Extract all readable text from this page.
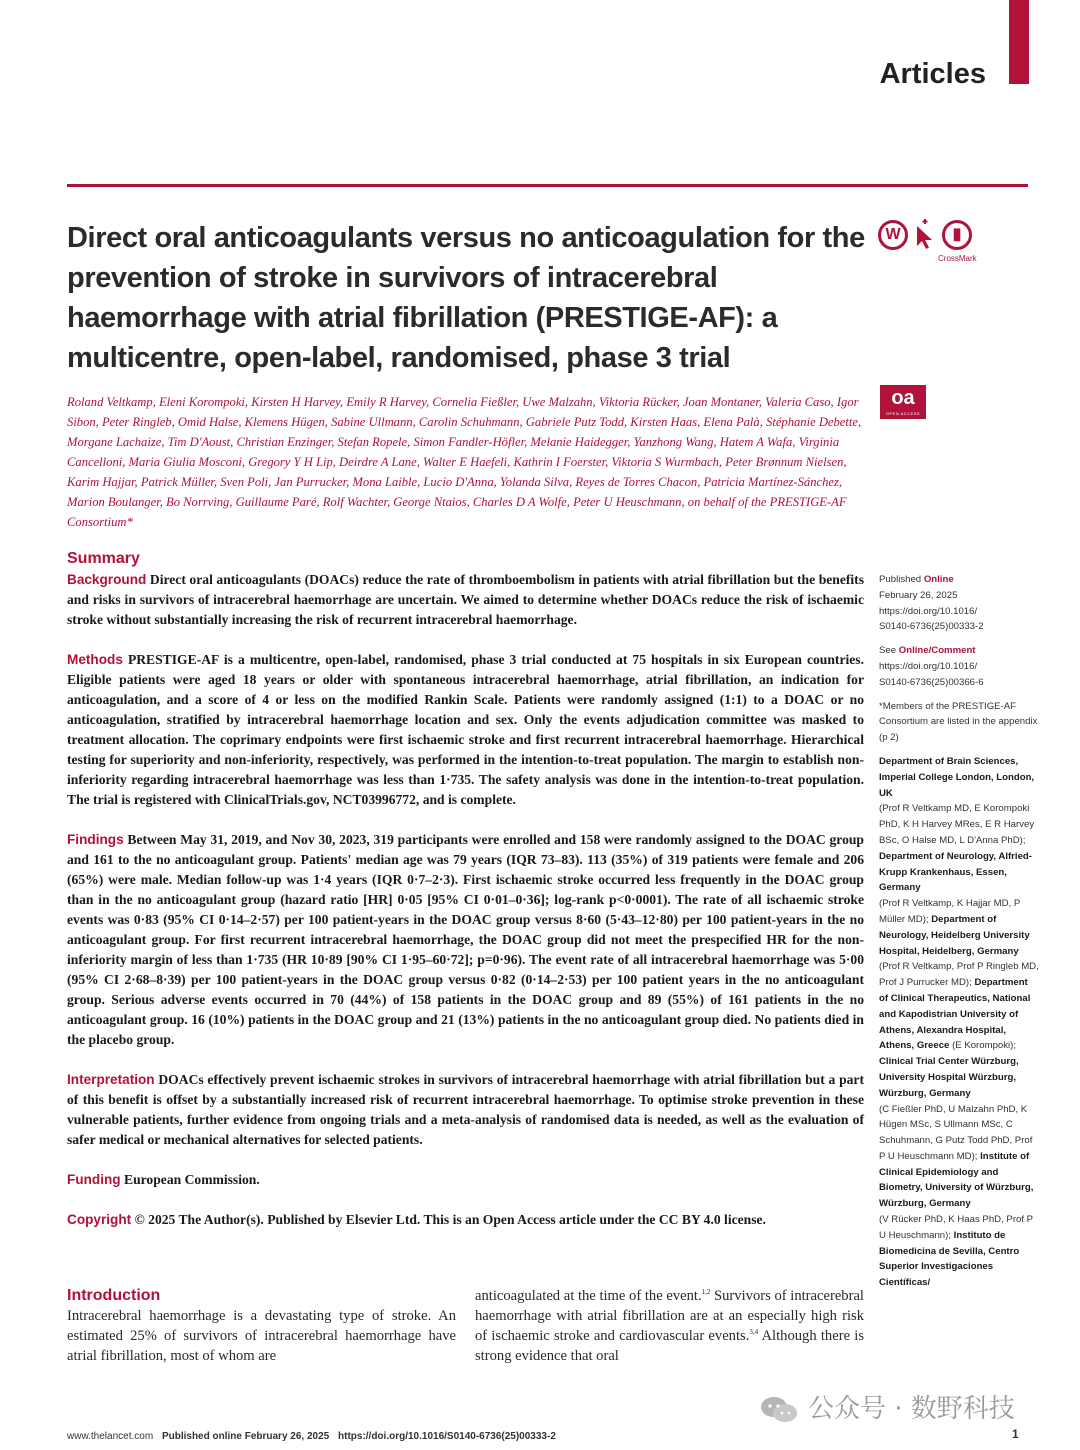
Articles
Direct oral anticoagulants versus no anticoagulation for the prevention of stroke in survivors of intracerebral haemorrhage with atrial fibrillation (PRESTIGE-AF): a multicentre, open-label, randomised, phase 3 trial
W	▮
CrossMark
oa
OPEN ACCESS

Roland Veltkamp, Eleni Korompoki, Kirsten H Harvey, Emily R Harvey, Cornelia Fießler, Uwe Malzahn, Viktoria Rücker, Joan Montaner, Valeria Caso, Igor Sibon, Peter Ringleb, Omid Halse, Klemens Hügen, Sabine Ullmann, Carolin Schuhmann, Gabriele Putz Todd, Kirsten Haas, Elena Palà, Stéphanie Debette, Morgane Lachaize, Tim D'Aoust, Christian Enzinger, Stefan Ropele, Simon Fandler-Höfler, Melanie Haidegger, Yanzhong Wang, Hatem A Wafa, Virginia Cancelloni, Maria Giulia Mosconi, Gregory Y H Lip, Deirdre A Lane, Walter E Haefeli, Kathrin I Foerster, Viktoria S Wurmbach, Peter Brønnum Nielsen, Karim Hajjar, Patrick Müller, Sven Poli, Jan Purrucker, Mona Laible, Lucio D'Anna, Yolanda Silva, Reyes de Torres Chacon, Patricia Martínez-Sánchez, Marion Boulanger, Bo Norrving, Guillaume Paré, Rolf Wachter, George Ntaios, Charles D A Wolfe, Peter U Heuschmann, on behalf of the PRESTIGE-AF Consortium*

Summary

Background Direct oral anticoagulants (DOACs) reduce the rate of thromboembolism in patients with atrial fibrillation but the benefits and risks in survivors of intracerebral haemorrhage are uncertain. We aimed to determine whether DOACs reduce the risk of ischaemic stroke without substantially increasing the risk of recurrent intracerebral haemorrhage.

Methods PRESTIGE-AF is a multicentre, open-label, randomised, phase 3 trial conducted at 75 hospitals in six European countries. Eligible patients were aged 18 years or older with spontaneous intracerebral haemorrhage, atrial fibrillation, an indication for anticoagulation, and a score of 4 or less on the modified Rankin Scale. Patients were randomly assigned (1:1) to a DOAC or no anticoagulation, stratified by intracerebral haemorrhage location and sex. Only the events adjudication committee was masked to treatment allocation. The coprimary endpoints were first ischaemic stroke and first recurrent intracerebral haemorrhage. Hierarchical testing for superiority and non-inferiority, respectively, was performed in the intention-to-treat population. The margin to establish non-inferiority regarding intracerebral haemorrhage was less than 1·735. The safety analysis was done in the intention-to-treat population. The trial is registered with ClinicalTrials.gov, NCT03996772, and is complete.

Findings Between May 31, 2019, and Nov 30, 2023, 319 participants were enrolled and 158 were randomly assigned to the DOAC group and 161 to the no anticoagulant group. Patients' median age was 79 years (IQR 73–83). 113 (35%) of 319 patients were female and 206 (65%) were male. Median follow-up was 1·4 years (IQR 0·7–2·3). First ischaemic stroke occurred less frequently in the DOAC group than in the no anticoagulant group (hazard ratio [HR] 0·05 [95% CI 0·01–0·36]; log-rank p<0·0001). The rate of all ischaemic stroke events was 0·83 (95% CI 0·14–2·57) per 100 patient-years in the DOAC group versus 8·60 (5·43–12·80) per 100 patient-years in the no anticoagulant group. For first recurrent intracerebral haemorrhage, the DOAC group did not meet the prespecified HR for the non-inferiority margin of less than 1·735 (HR 10·89 [90% CI 1·95–60·72]; p=0·96). The event rate of all intracerebral haemorrhage was 5·00 (95% CI 2·68–8·39) per 100 patient-years in the DOAC group versus 0·82 (0·14–2·53) per 100 patient years in the no anticoagulant group. Serious adverse events occurred in 70 (44%) of 158 patients in the DOAC group and 89 (55%) of 161 patients in the no anticoagulant group. 16 (10%) patients in the DOAC group and 21 (13%) patients in the no anticoagulant group died. No patients died in the placebo group.

Interpretation DOACs effectively prevent ischaemic strokes in survivors of intracerebral haemorrhage with atrial fibrillation but a part of this benefit is offset by a substantially increased risk of recurrent intracerebral haemorrhage. To optimise stroke prevention in these vulnerable patients, further evidence from ongoing trials and a meta-analysis of randomised data is needed, as well as the evaluation of safer medical or mechanical alternatives for selected patients.

Funding European Commission.

Copyright © 2025 The Author(s). Published by Elsevier Ltd. This is an Open Access article under the CC BY 4.0 license.

Introduction
Intracerebral haemorrhage is a devastating type of stroke. An estimated 25% of survivors of intracerebral haemorrhage have atrial fibrillation, most of whom are
anticoagulated at the time of the event.$^{1,2}$ Survivors of intracerebral haemorrhage with atrial fibrillation are at an especially high risk of ischaemic stroke and cardiovascular events.$^{3,4}$ Although there is strong evidence that oral
Published Online
February 26, 2025
https://doi.org/10.1016/
S0140-6736(25)00333-2
See Online/Comment
https://doi.org/10.1016/
S0140-6736(25)00366-6
*Members of the PRESTIGE-AF Consortium are listed in the appendix (p 2)
Department of Brain Sciences, Imperial College London, London, UK
(Prof R Veltkamp MD, E Korompoki PhD, K H Harvey MRes, E R Harvey BSc, O Halse MD, L D'Anna PhD); Department of Neurology, Alfried-Krupp Krankenhaus, Essen, Germany
(Prof R Veltkamp, K Hajjar MD, P Müller MD); Department of Neurology, Heidelberg University Hospital, Heidelberg, Germany
(Prof R Veltkamp, Prof P Ringleb MD, Prof J Purrucker MD); Department of Clinical Therapeutics, National and Kapodistrian University of Athens, Alexandra Hospital, Athens, Greece (E Korompoki); Clinical Trial Center Würzburg, University Hospital Würzburg, Würzburg, Germany
(C Fießler PhD, U Malzahn PhD, K Hügen MSc, S Ullmann MSc, C Schuhmann, G Putz Todd PhD, Prof P U Heuschmann MD); Institute of Clinical Epidemiology and Biometry, University of Würzburg, Würzburg, Germany
(V Rücker PhD, K Haas PhD, Prof P U Heuschmann); Instituto de Biomedicina de Sevilla, Centro Superior Investigaciones Científicas/
www.thelancet.com Published online February 26, 2025 https://doi.org/10.1016/S0140-6736(25)00333-2
公众号 · 数野科技
1
